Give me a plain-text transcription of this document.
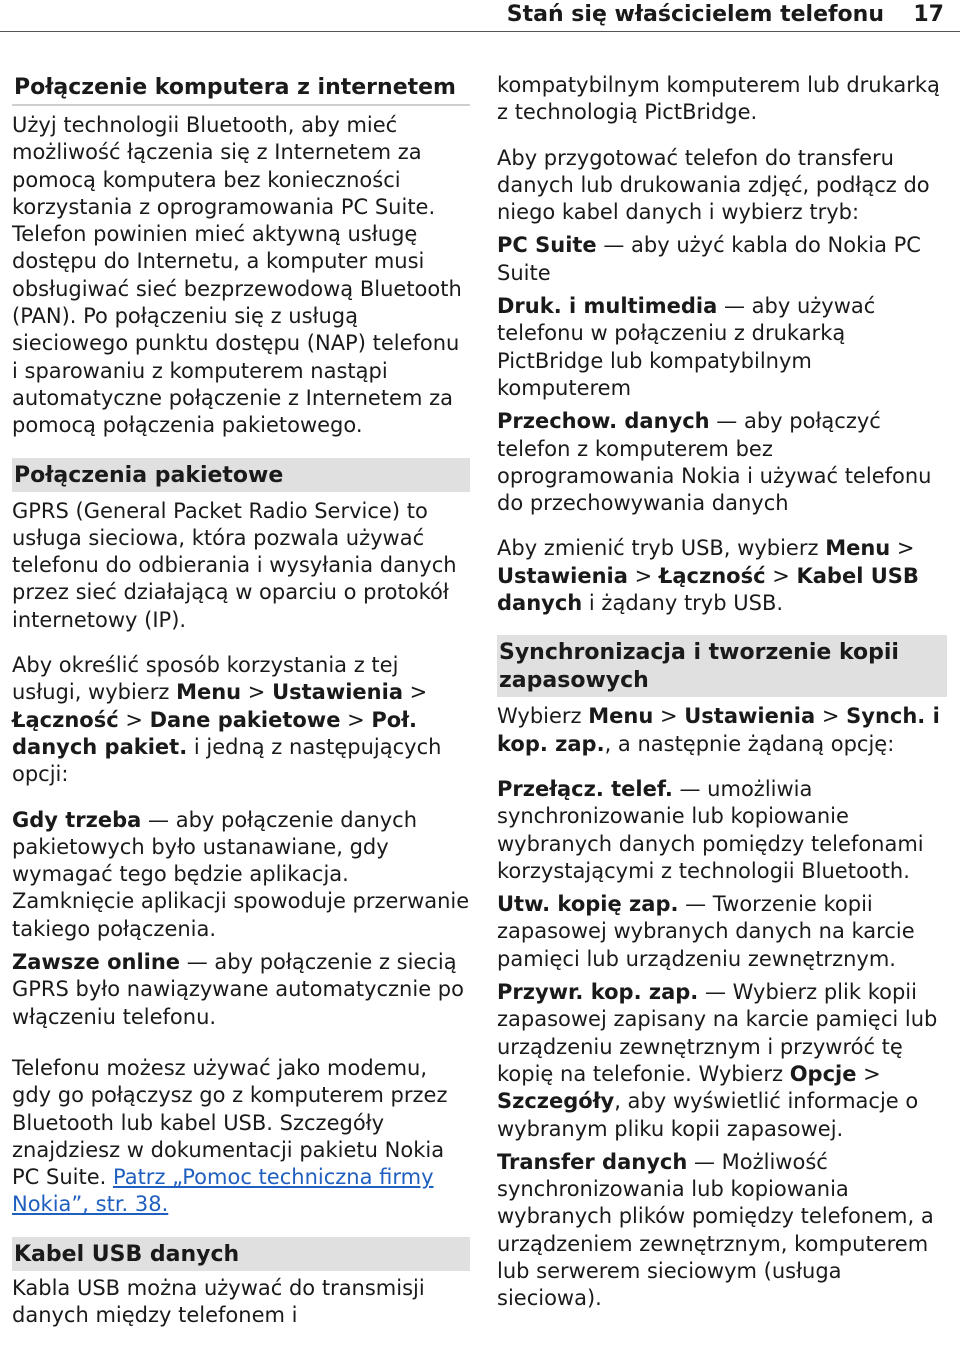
Stań się właścicielem telefonu 17
Połączenie komputera z internetem

Użyj technologii Bluetooth, aby mieć możliwość łączenia się z Internetem za pomocą komputera bez konieczności korzystania z oprogramowania PC Suite. Telefon powinien mieć aktywną usługę dostępu do Internetu, a komputer musi obsługiwać sieć bezprzewodową Bluetooth (PAN). Po połączeniu się z usługą sieciowego punktu dostępu (NAP) telefonu i sparowaniu z komputerem nastąpi automatyczne połączenie z Internetem za pomocą połączenia pakietowego.

Połączenia pakietowe

GPRS (General Packet Radio Service) to usługa sieciowa, która pozwala używać telefonu do odbierania i wysyłania danych przez sieć działającą w oparciu o protokół internetowy (IP).

Aby określić sposób korzystania z tej usługi, wybierz Menu > Ustawienia > Łączność > Dane pakietowe > Poł. danych pakiet. i jedną z następujących opcji:

Gdy trzeba — aby połączenie danych pakietowych było ustanawiane, gdy wymagać tego będzie aplikacja. Zamknięcie aplikacji spowoduje przerwanie takiego połączenia.

Zawsze online — aby połączenie z siecią GPRS było nawiązywane automatycznie po włączeniu telefonu.

Telefonu możesz używać jako modemu, gdy go połączysz go z komputerem przez Bluetooth lub kabel USB. Szczegóły znajdziesz w dokumentacji pakietu Nokia PC Suite. Patrz „Pomoc techniczna firmy Nokia”, str. 38.

Kabel USB danych

Kabla USB można używać do transmisji danych między telefonem i

kompatybilnym komputerem lub drukarką z technologią PictBridge.

Aby przygotować telefon do transferu danych lub drukowania zdjęć, podłącz do niego kabel danych i wybierz tryb:

PC Suite — aby użyć kabla do Nokia PC Suite

Druk. i multimedia — aby używać telefonu w połączeniu z drukarką PictBridge lub kompatybilnym komputerem

Przechow. danych — aby połączyć telefon z komputerem bez oprogramowania Nokia i używać telefonu do przechowywania danych

Aby zmienić tryb USB, wybierz Menu > Ustawienia > Łączność > Kabel USB danych i żądany tryb USB.

Synchronizacja i tworzenie kopii zapasowych

Wybierz Menu > Ustawienia > Synch. i kop. zap., a następnie żądaną opcję:

Przełącz. telef. — umożliwia synchronizowanie lub kopiowanie wybranych danych pomiędzy telefonami korzystającymi z technologii Bluetooth.

Utw. kopię zap. — Tworzenie kopii zapasowej wybranych danych na karcie pamięci lub urządzeniu zewnętrznym.

Przywr. kop. zap. — Wybierz plik kopii zapasowej zapisany na karcie pamięci lub urządzeniu zewnętrznym i przywróć tę kopię na telefonie. Wybierz Opcje > Szczegóły, aby wyświetlić informacje o wybranym pliku kopii zapasowej.

Transfer danych — Możliwość synchronizowania lub kopiowania wybranych plików pomiędzy telefonem, a urządzeniem zewnętrznym, komputerem lub serwerem sieciowym (usługa sieciowa).
